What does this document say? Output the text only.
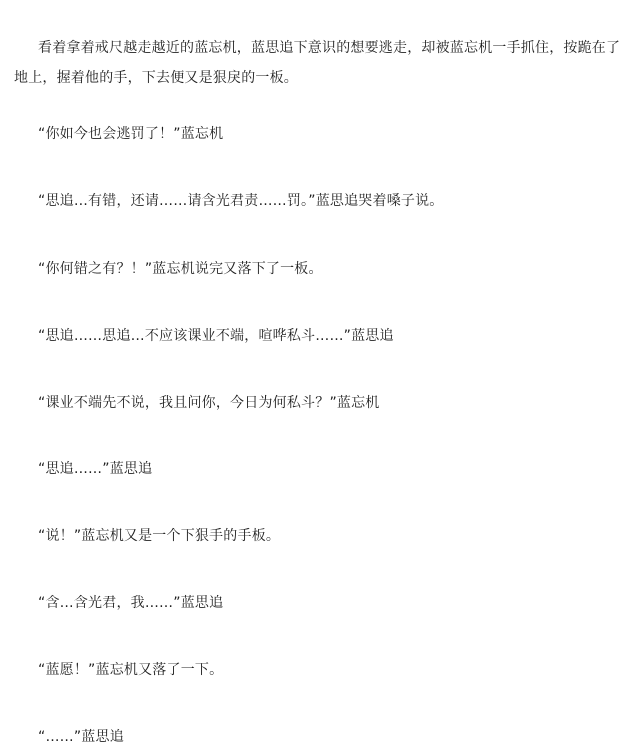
看着拿着戒尺越走越近的蓝忘机，蓝思追下意识的想要逃走，却被蓝忘机一手抓住，按跪在了地上，握着他的手，下去便又是狠戾的一板。
“你如今也会逃罚了！”蓝忘机
“思追…有错，还请……请含光君责……罚。”蓝思追哭着嗓子说。
“你何错之有？！”蓝忘机说完又落下了一板。
“思追……思追…不应该课业不端，喧哗私斗……”蓝思追
“课业不端先不说，我且问你，今日为何私斗？”蓝忘机
“思追……”蓝思追
“说！”蓝忘机又是一个下狠手的手板。
“含…含光君，我……”蓝思追
“蓝愿！”蓝忘机又落了一下。
“……”蓝思追
